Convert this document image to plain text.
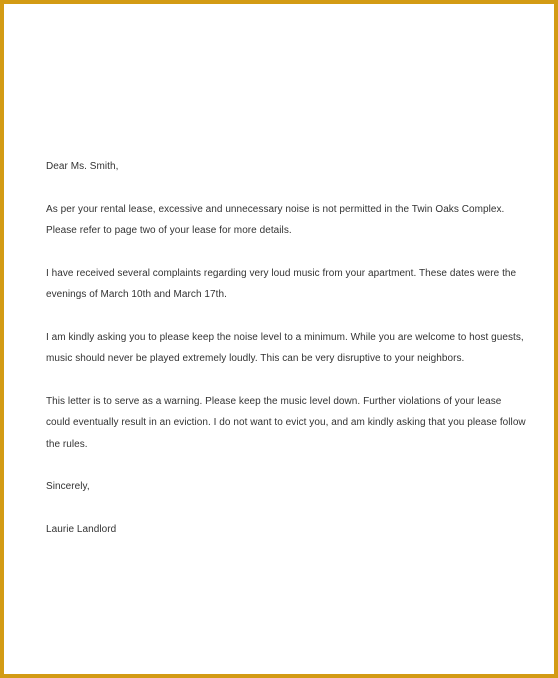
Dear Ms. Smith,

As per your rental lease, excessive and unnecessary noise is not permitted in the Twin Oaks Complex. Please refer to page two of your lease for more details.

I have received several complaints regarding very loud music from your apartment. These dates were the evenings of March 10th and March 17th.

I am kindly asking you to please keep the noise level to a minimum. While you are welcome to host guests, music should never be played extremely loudly. This can be very disruptive to your neighbors.

This letter is to serve as a warning. Please keep the music level down. Further violations of your lease could eventually result in an eviction. I do not want to evict you, and am kindly asking that you please follow the rules.

Sincerely,

Laurie Landlord
